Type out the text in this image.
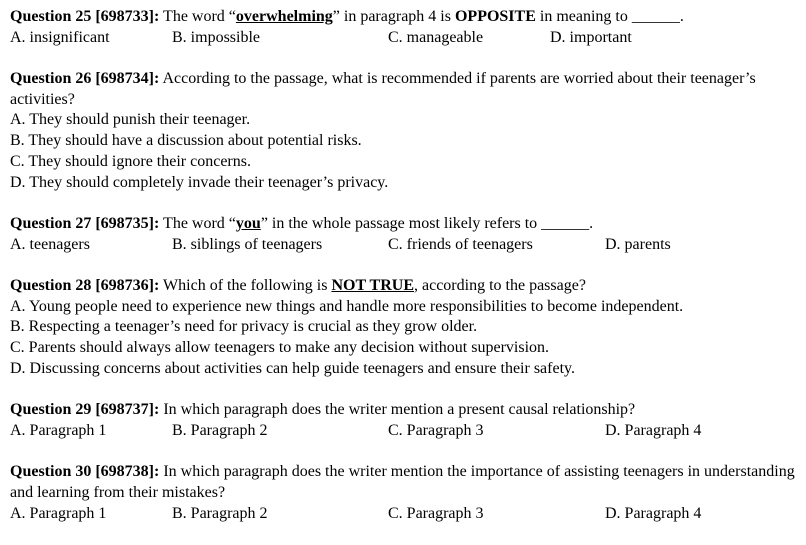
Question 25 [698733]: The word “overwhelming” in paragraph 4 is OPPOSITE in meaning to ______.
A. insignificant	B. impossible	C. manageable	D. important
Question 26 [698734]: According to the passage, what is recommended if parents are worried about their teenager’s activities?
A. They should punish their teenager.
B. They should have a discussion about potential risks.
C. They should ignore their concerns.
D. They should completely invade their teenager’s privacy.
Question 27 [698735]: The word “you” in the whole passage most likely refers to ______.
A. teenagers	B. siblings of teenagers	C. friends of teenagers	D. parents
Question 28 [698736]: Which of the following is NOT TRUE, according to the passage?
A. Young people need to experience new things and handle more responsibilities to become independent.
B. Respecting a teenager’s need for privacy is crucial as they grow older.
C. Parents should always allow teenagers to make any decision without supervision.
D. Discussing concerns about activities can help guide teenagers and ensure their safety.
Question 29 [698737]: In which paragraph does the writer mention a present causal relationship?
A. Paragraph 1	B. Paragraph 2	C. Paragraph 3	D. Paragraph 4
Question 30 [698738]: In which paragraph does the writer mention the importance of assisting teenagers in understanding and learning from their mistakes?
A. Paragraph 1	B. Paragraph 2	C. Paragraph 3	D. Paragraph 4
